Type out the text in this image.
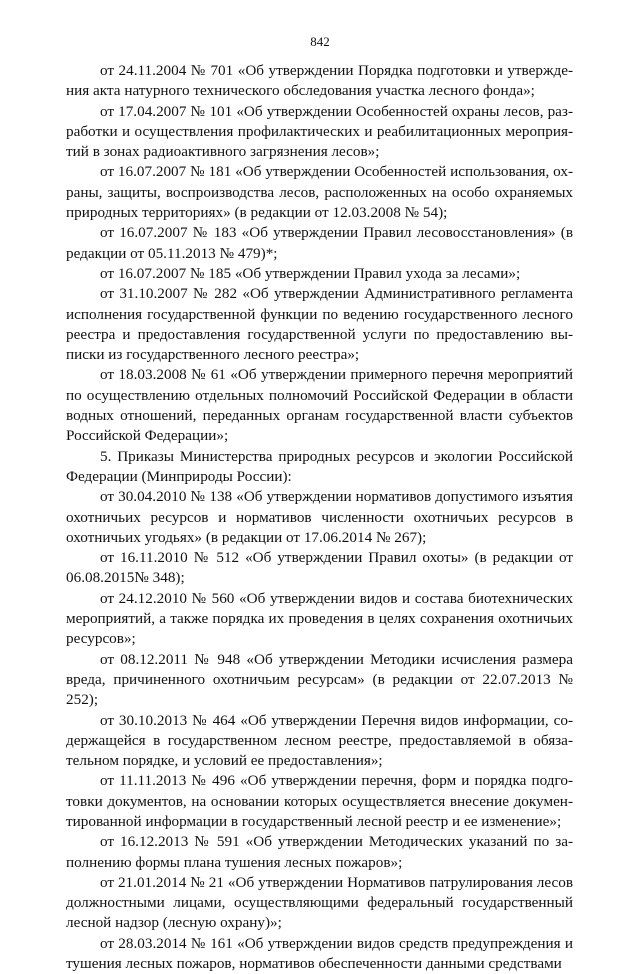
842

от 24.11.2004 № 701 «Об утверждении Порядка подготовки и утверждения акта натурного технического обследования участка лесного фонда»;

от 17.04.2007 № 101 «Об утверждении Особенностей охраны лесов, разработки и осуществления профилактических и реабилитационных мероприятий в зонах радиоактивного загрязнения лесов»;

от 16.07.2007 № 181 «Об утверждении Особенностей использования, охраны, защиты, воспроизводства лесов, расположенных на особо охраняемых природных территориях» (в редакции от 12.03.2008 № 54);

от 16.07.2007 № 183 «Об утверждении Правил лесовосстановления» (в редакции от 05.11.2013 № 479)*;

от 16.07.2007 № 185 «Об утверждении Правил ухода за лесами»;

от 31.10.2007 № 282 «Об утверждении Административного регламента исполнения государственной функции по ведению государственного лесного реестра и предоставления государственной услуги по предоставлению выписки из государственного лесного реестра»;

от 18.03.2008 № 61 «Об утверждении примерного перечня мероприятий по осуществлению отдельных полномочий Российской Федерации в области водных отношений, переданных органам государственной власти субъектов Российской Федерации»;

5. Приказы Министерства природных ресурсов и экологии Российской Федерации (Минприроды России):

от 30.04.2010 № 138 «Об утверждении нормативов допустимого изъятия охотничьих ресурсов и нормативов численности охотничьих ресурсов в охотничьих угодьях» (в редакции от 17.06.2014 № 267);

от 16.11.2010 № 512 «Об утверждении Правил охоты» (в редакции от 06.08.2015№ 348);

от 24.12.2010 № 560 «Об утверждении видов и состава биотехнических мероприятий, а также порядка их проведения в целях сохранения охотничьих ресурсов»;

от 08.12.2011 № 948 «Об утверждении Методики исчисления размера вреда, причиненного охотничьим ресурсам» (в редакции от 22.07.2013 № 252);

от 30.10.2013 № 464 «Об утверждении Перечня видов информации, содержащейся в государственном лесном реестре, предоставляемой в обязательном порядке, и условий ее предоставления»;

от 11.11.2013 № 496 «Об утверждении перечня, форм и порядка подготовки документов, на основании которых осуществляется внесение документированной информации в государственный лесной реестр и ее изменение»;

от 16.12.2013 № 591 «Об утверждении Методических указаний по заполнению формы плана тушения лесных пожаров»;

от 21.01.2014 № 21 «Об утверждении Нормативов патрулирования лесов должностными лицами, осуществляющими федеральный государственный лесной надзор (лесную охрану)»;

от 28.03.2014 № 161 «Об утверждении видов средств предупреждения и тушения лесных пожаров, нормативов обеспеченности данными средствами
